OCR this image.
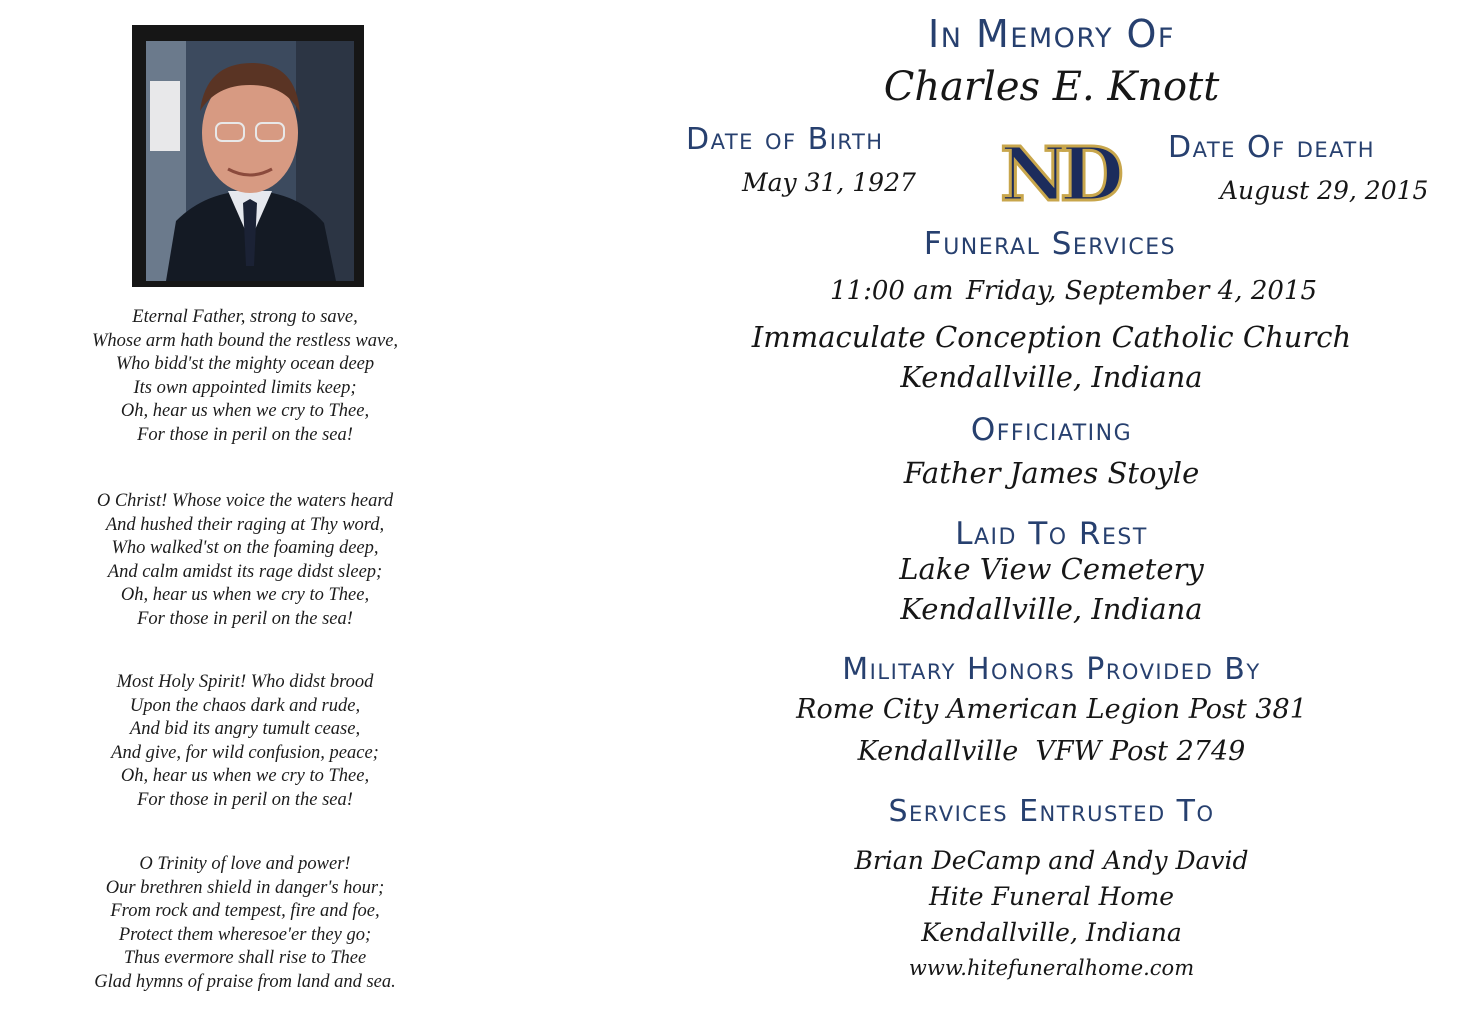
Eternal Father, strong to save,
Whose arm hath bound the restless wave,
Who bidd'st the mighty ocean deep
Its own appointed limits keep;
Oh, hear us when we cry to Thee,
For those in peril on the sea!
O Christ! Whose voice the waters heard
And hushed their raging at Thy word,
Who walked'st on the foaming deep,
And calm amidst its rage didst sleep;
Oh, hear us when we cry to Thee,
For those in peril on the sea!
Most Holy Spirit! Who didst brood
Upon the chaos dark and rude,
And bid its angry tumult cease,
And give, for wild confusion, peace;
Oh, hear us when we cry to Thee,
For those in peril on the sea!
O Trinity of love and power!
Our brethren shield in danger's hour;
From rock and tempest, fire and foe,
Protect them wheresoe'er they go;
Thus evermore shall rise to Thee
Glad hymns of praise from land and sea.
In Memory Of
Charles E. Knott
Date of Birth
May 31, 1927 ND Date Of death
August 29, 2015
Funeral Services
11:00 am Friday, September 4, 2015
Immaculate Conception Catholic Church
Kendallville, Indiana
Officiating
Father James Stoyle
Laid To Rest
Lake View Cemetery
Kendallville, Indiana
Military Honors Provided By
Rome City American Legion Post 381
Kendallville  VFW Post 2749
Services Entrusted To
Brian DeCamp and Andy David
Hite Funeral Home
Kendallville, Indiana
www.hitefuneralhome.com
